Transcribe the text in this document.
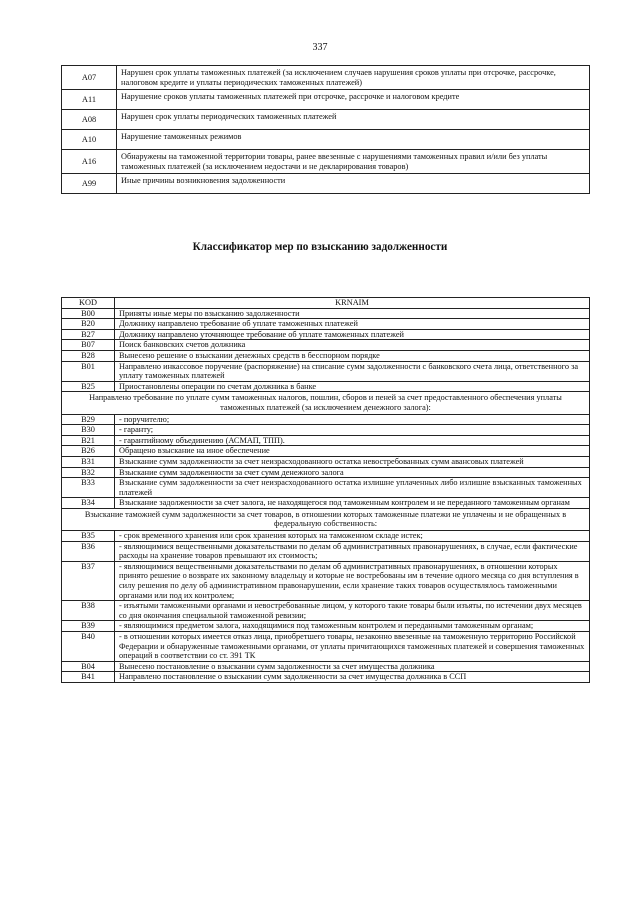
337
A07	Нарушен срок уплаты таможенных платежей (за исключением случаев нарушения сроков уплаты при отсрочке, рассрочке, налоговом кредите и уплаты периодических таможенных платежей)
A11	Нарушение сроков уплаты таможенных платежей при отсрочке, рассрочке и налоговом кредите
A08	Нарушен срок уплаты периодических таможенных платежей
A10	Нарушение таможенных режимов
A16	Обнаружены на таможенной территории товары, ранее ввезенные с нарушениями таможенных правил и/или без уплаты таможенных платежей (за исключением недостачи и не декларирования товаров)
A99	Иные причины возникновения задолженности
Классификатор мер по взысканию задолженности
KOD	KRNAIM
B00	Приняты иные меры по взысканию задолженности
B20	Должнику направлено требование об уплате таможенных платежей
B27	Должнику направлено уточняющее требование об уплате таможенных платежей
B07	Поиск банковских счетов должника
B28	Вынесено решение о взыскании денежных средств в бесспорном порядке
B01	Направлено инкассовое поручение (распоряжение) на списание сумм задолженности с банковского счета лица, ответственного за уплату таможенных платежей
B25	Приостановлены операции по счетам должника в банке
Направлено требование по уплате сумм таможенных налогов, пошлин, сборов и пеней за счет предоставленного обеспечения уплаты таможенных платежей (за исключением денежного залога):	
B29	- поручителю;
B30	- гаранту;
B21	- гарантийному объединению (АСМАП, ТПП).
B26	Обращено взыскание на иное обеспечение
B31	Взыскание сумм задолженности за счет неизрасходованного остатка невостребованных сумм авансовых платежей
B32	Взыскание сумм задолженности за счет сумм денежного залога
B33	Взыскание сумм задолженности за счет неизрасходованного остатка излишне уплаченных либо излишне взысканных таможенных платежей
B34	Взыскание задолженности за счет залога, не находящегося под таможенным контролем и не переданного таможенным органам
Взыскание таможней сумм задолженности за счет товаров, в отношении которых таможенные платежи не уплачены и не обращенных в федеральную собственность:	
B35	- срок временного хранения или срок хранения которых на таможенном складе истек;
B36	- являющимися вещественными доказательствами по делам об административных правонарушениях, в случае, если фактические расходы на хранение товаров превышают их стоимость;
B37	- являющимися вещественными доказательствами по делам об административных правонарушениях, в отношении которых принято решение о возврате их законному владельцу и которые не востребованы им в течение одного месяца со дня вступления в силу решения по делу об административном правонарушении, если хранение таких товаров осуществлялось таможенными органами или под их контролем;
B38	- изъятыми таможенными органами и невостребованные лицом, у которого такие товары были изъяты, по истечении двух месяцев со дня окончания специальной таможенной ревизии;
B39	- являющимися предметом залога, находящимися под таможенным контролем и переданными таможенным органам;
B40	- в отношении которых имеется отказ лица, приобретшего товары, незаконно ввезенные на таможенную территорию Российской Федерации и обнаруженные таможенными органами, от уплаты причитающихся таможенных платежей и совершения таможенных операций в соответствии со ст. 391 ТК
B04	Вынесено постановление о взыскании сумм задолженности за счет имущества должника
B41	Направлено постановление о взыскании сумм задолженности за счет имущества должника в ССП
